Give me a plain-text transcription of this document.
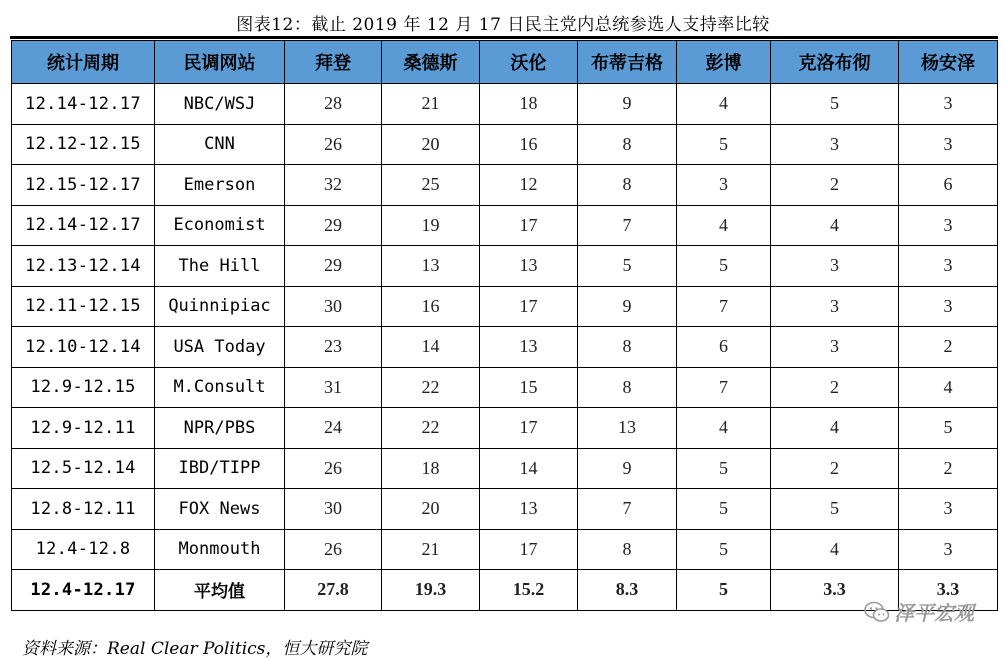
图表12：截止 2019 年 12 月 17 日民主党内总统参选人支持率比较
统计周期	民调网站	拜登	桑德斯	沃伦	布蒂吉格	彭博	克洛布彻	杨安泽
12.14-12.17	NBC/WSJ	28	21	18	9	4	5	3
12.12-12.15	CNN	26	20	16	8	5	3	3
12.15-12.17	Emerson	32	25	12	8	3	2	6
12.14-12.17	Economist	29	19	17	7	4	4	3
12.13-12.14	The Hill	29	13	13	5	5	3	3
12.11-12.15	Quinnipiac	30	16	17	9	7	3	3
12.10-12.14	USA Today	23	14	13	8	6	3	2
12.9-12.15	M.Consult	31	22	15	8	7	2	4
12.9-12.11	NPR/PBS	24	22	17	13	4	4	5
12.5-12.14	IBD/TIPP	26	18	14	9	5	2	2
12.8-12.11	FOX News	30	20	13	7	5	5	3
12.4-12.8	Monmouth	26	21	17	8	5	4	3
12.4-12.17	平均值	27.8	19.3	15.2	8.3	5	3.3	3.3
泽平宏观
资料来源：Real Clear Politics，恒大研究院
